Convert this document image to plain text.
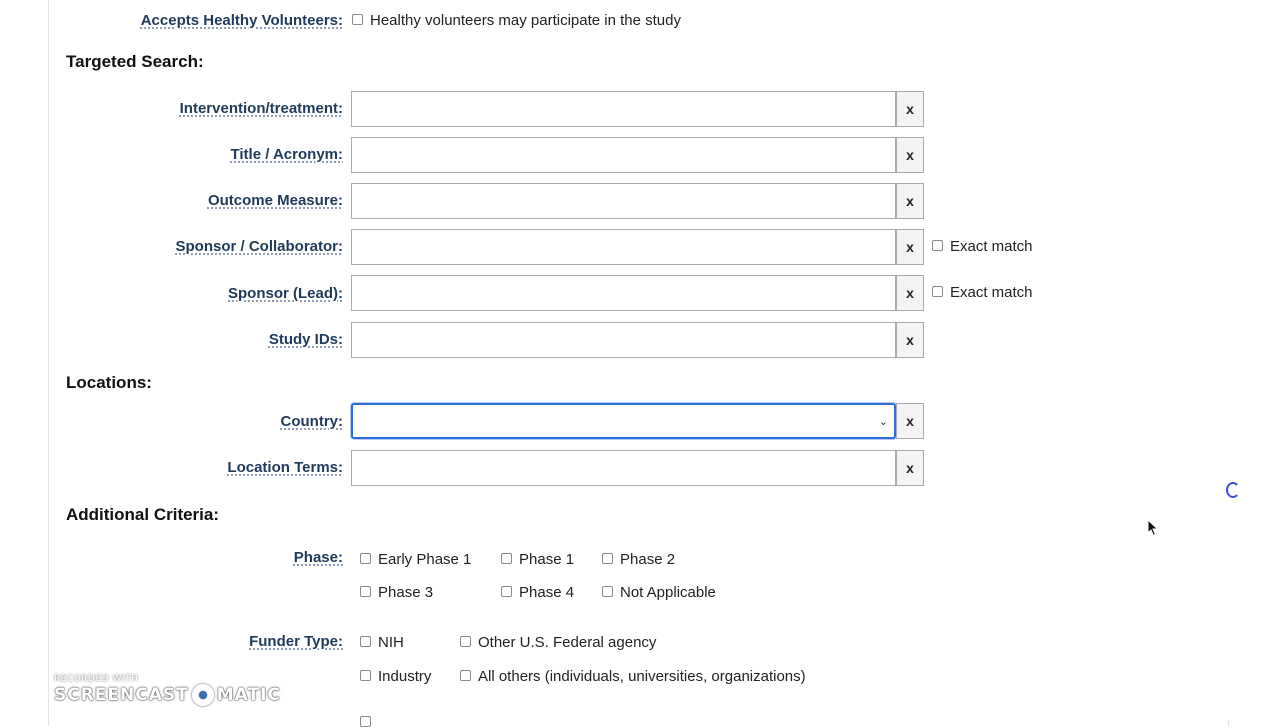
Accepts Healthy Volunteers: Healthy volunteers may participate in the study
Targeted Search:
Intervention/treatment:	x
Title / Acronym:	x
Outcome Measure:	x
Sponsor / Collaborator:	x	Exact match
Sponsor (Lead):	x	Exact match
Study IDs:	x
Locations:
Country:	⌄	x
Location Terms:	x
Additional Criteria:
Phase: Early Phase 1	Phase 1	Phase 2
Phase 3	Phase 4	Not Applicable
Funder Type: NIH	Other U.S. Federal agency
Industry	All others (individuals, universities, organizations)
RECORDED WITH
SCREENCAST MATIC
